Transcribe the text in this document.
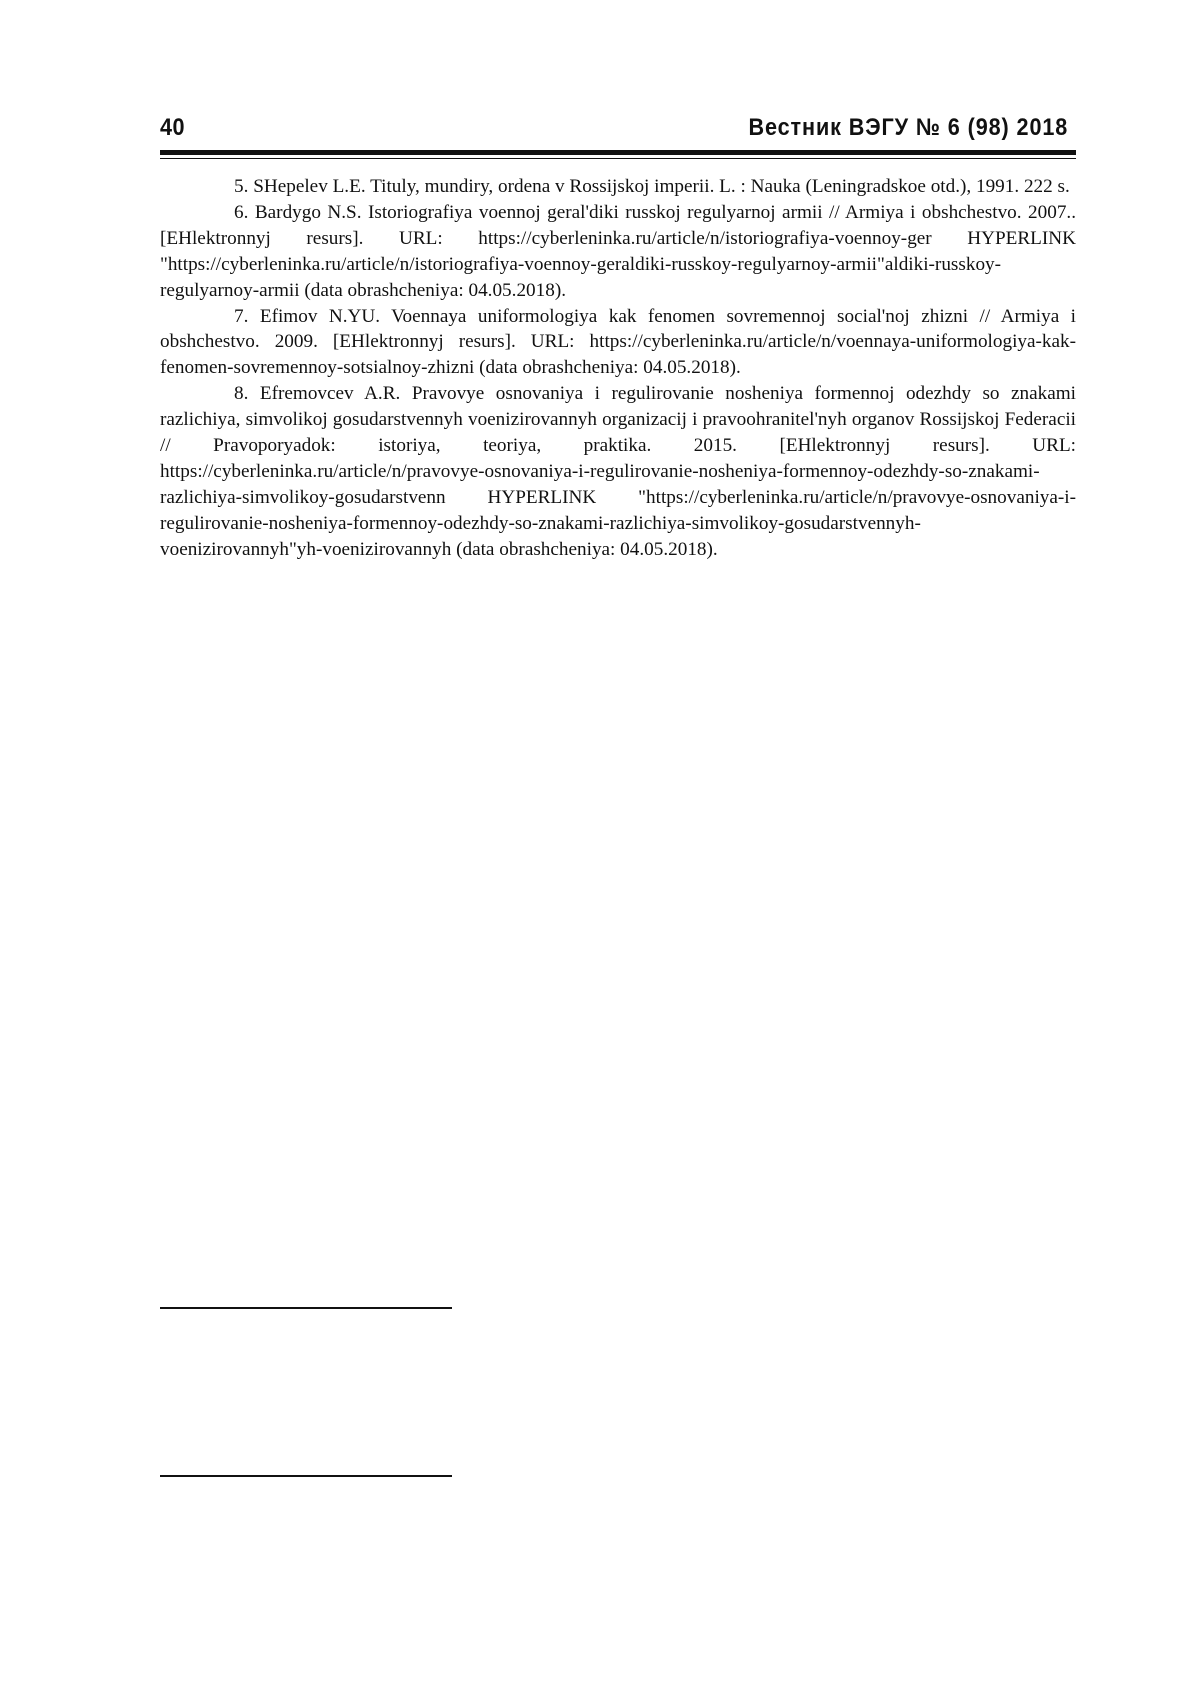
40	Вестник ВЭГУ № 6 (98) 2018

5. SHepelev L.E. Tituly, mundiry, ordena v Rossijskoj imperii. L. : Nauka (Leningradskoe otd.), 1991. 222 s.

6. Bardygo N.S. Istoriografiya voennoj geral'diki russkoj regulyarnoj armii // Armiya i obshchestvo. 2007.. [EHlektronnyj resurs]. URL: https://cyberleninka.ru/article/n/istoriografiya-voennoy-ger HYPERLINK "https://cyberleninka.ru/article/n/istoriografiya-voennoy-geraldiki-russkoy-regulyarnoy-armii"aldiki-russkoy-regulyarnoy-armii (data obrashcheniya: 04.05.2018).

7. Efimov N.YU. Voennaya uniformologiya kak fenomen sovremennoj social'noj zhizni // Armiya i obshchestvo. 2009. [EHlektronnyj resurs]. URL: https://cyberleninka.ru/article/n/voennaya-uniformologiya-kak-fenomen-sovremennoy-sotsialnoy-zhizni (data obrashcheniya: 04.05.2018).

8. Efremovcev A.R. Pravovye osnovaniya i regulirovanie nosheniya formennoj odezhdy so znakami razlichiya, simvolikoj gosudarstvennyh voenizirovannyh organizacij i pravoohranitel'nyh organov Rossijskoj Federacii // Pravoporyadok: istoriya, teoriya, praktika. 2015. [EHlektronnyj resurs]. URL: https://cyberleninka.ru/article/n/pravovye-osnovaniya-i-regulirovanie-nosheniya-formennoy-odezhdy-so-znakami-razlichiya-simvolikoy-gosudarstvenn HYPERLINK "https://cyberleninka.ru/article/n/pravovye-osnovaniya-i-regulirovanie-nosheniya-formennoy-odezhdy-so-znakami-razlichiya-simvolikoy-gosudarstvennyh-voenizirovannyh"yh-voenizirovannyh (data obrashcheniya: 04.05.2018).
